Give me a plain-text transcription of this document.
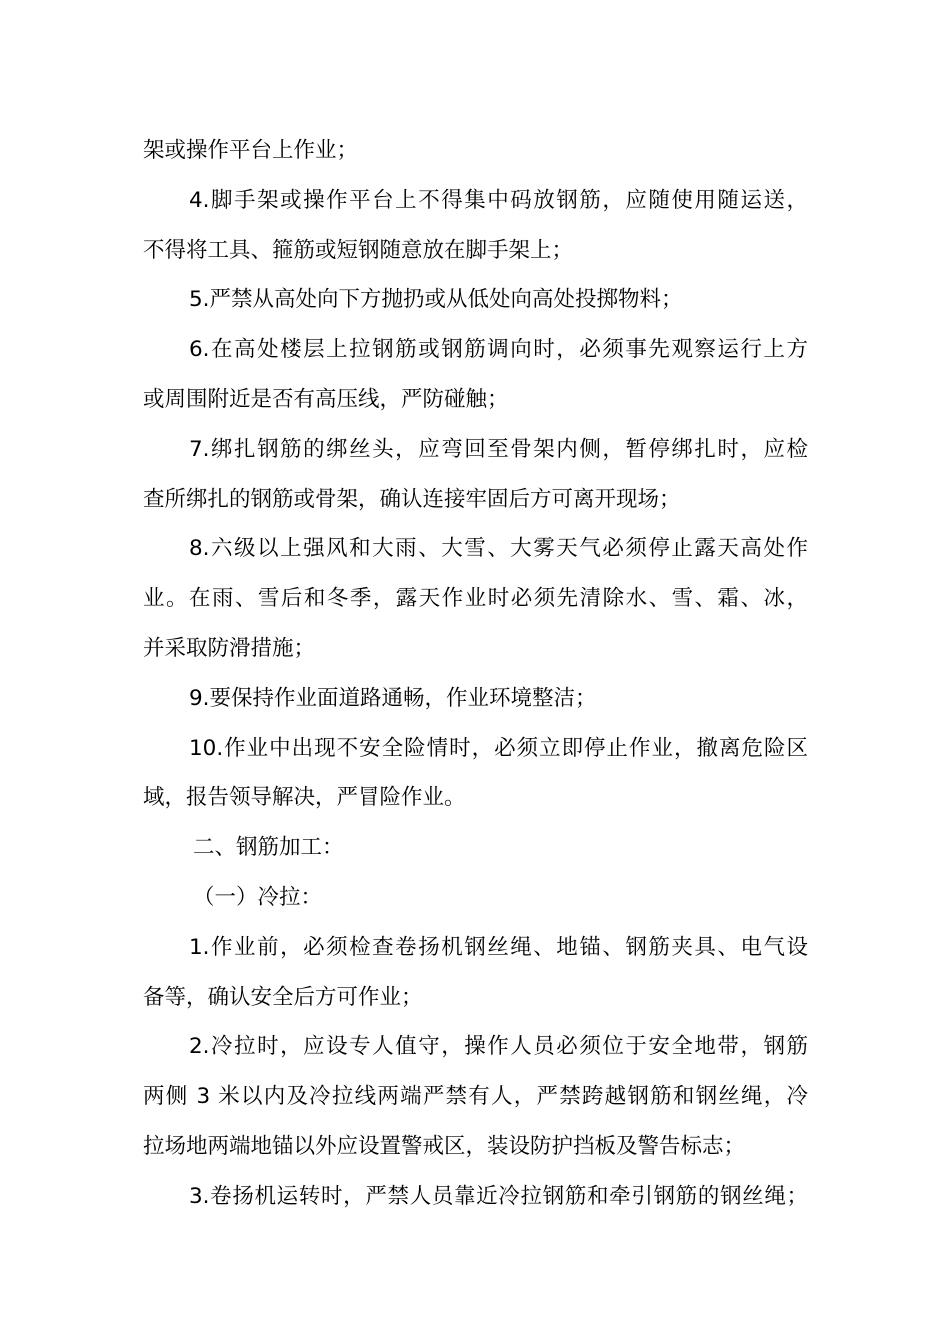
架或操作平台上作业；
4.脚手架或操作平台上不得集中码放钢筋，应随使用随运送，
不得将工具、箍筋或短钢随意放在脚手架上；
5.严禁从高处向下方抛扔或从低处向高处投掷物料；
6.在高处楼层上拉钢筋或钢筋调向时，必须事先观察运行上方
或周围附近是否有高压线，严防碰触；
7.绑扎钢筋的绑丝头，应弯回至骨架内侧，暂停绑扎时，应检
查所绑扎的钢筋或骨架，确认连接牢固后方可离开现场；
8.六级以上强风和大雨、大雪、大雾天气必须停止露天高处作
业。在雨、雪后和冬季，露天作业时必须先清除水、雪、霜、冰，
并采取防滑措施；
9.要保持作业面道路通畅，作业环境整洁；
10.作业中出现不安全险情时，必须立即停止作业，撤离危险区
域，报告领导解决，严冒险作业。
二、钢筋加工：
（一）冷拉：
1.作业前，必须检查卷扬机钢丝绳、地锚、钢筋夹具、电气设
备等，确认安全后方可作业；
2.冷拉时，应设专人值守，操作人员必须位于安全地带，钢筋
两侧 3 米以内及冷拉线两端严禁有人，严禁跨越钢筋和钢丝绳，冷
拉场地两端地锚以外应设置警戒区，装设防护挡板及警告标志；
3.卷扬机运转时，严禁人员靠近冷拉钢筋和牵引钢筋的钢丝绳；
